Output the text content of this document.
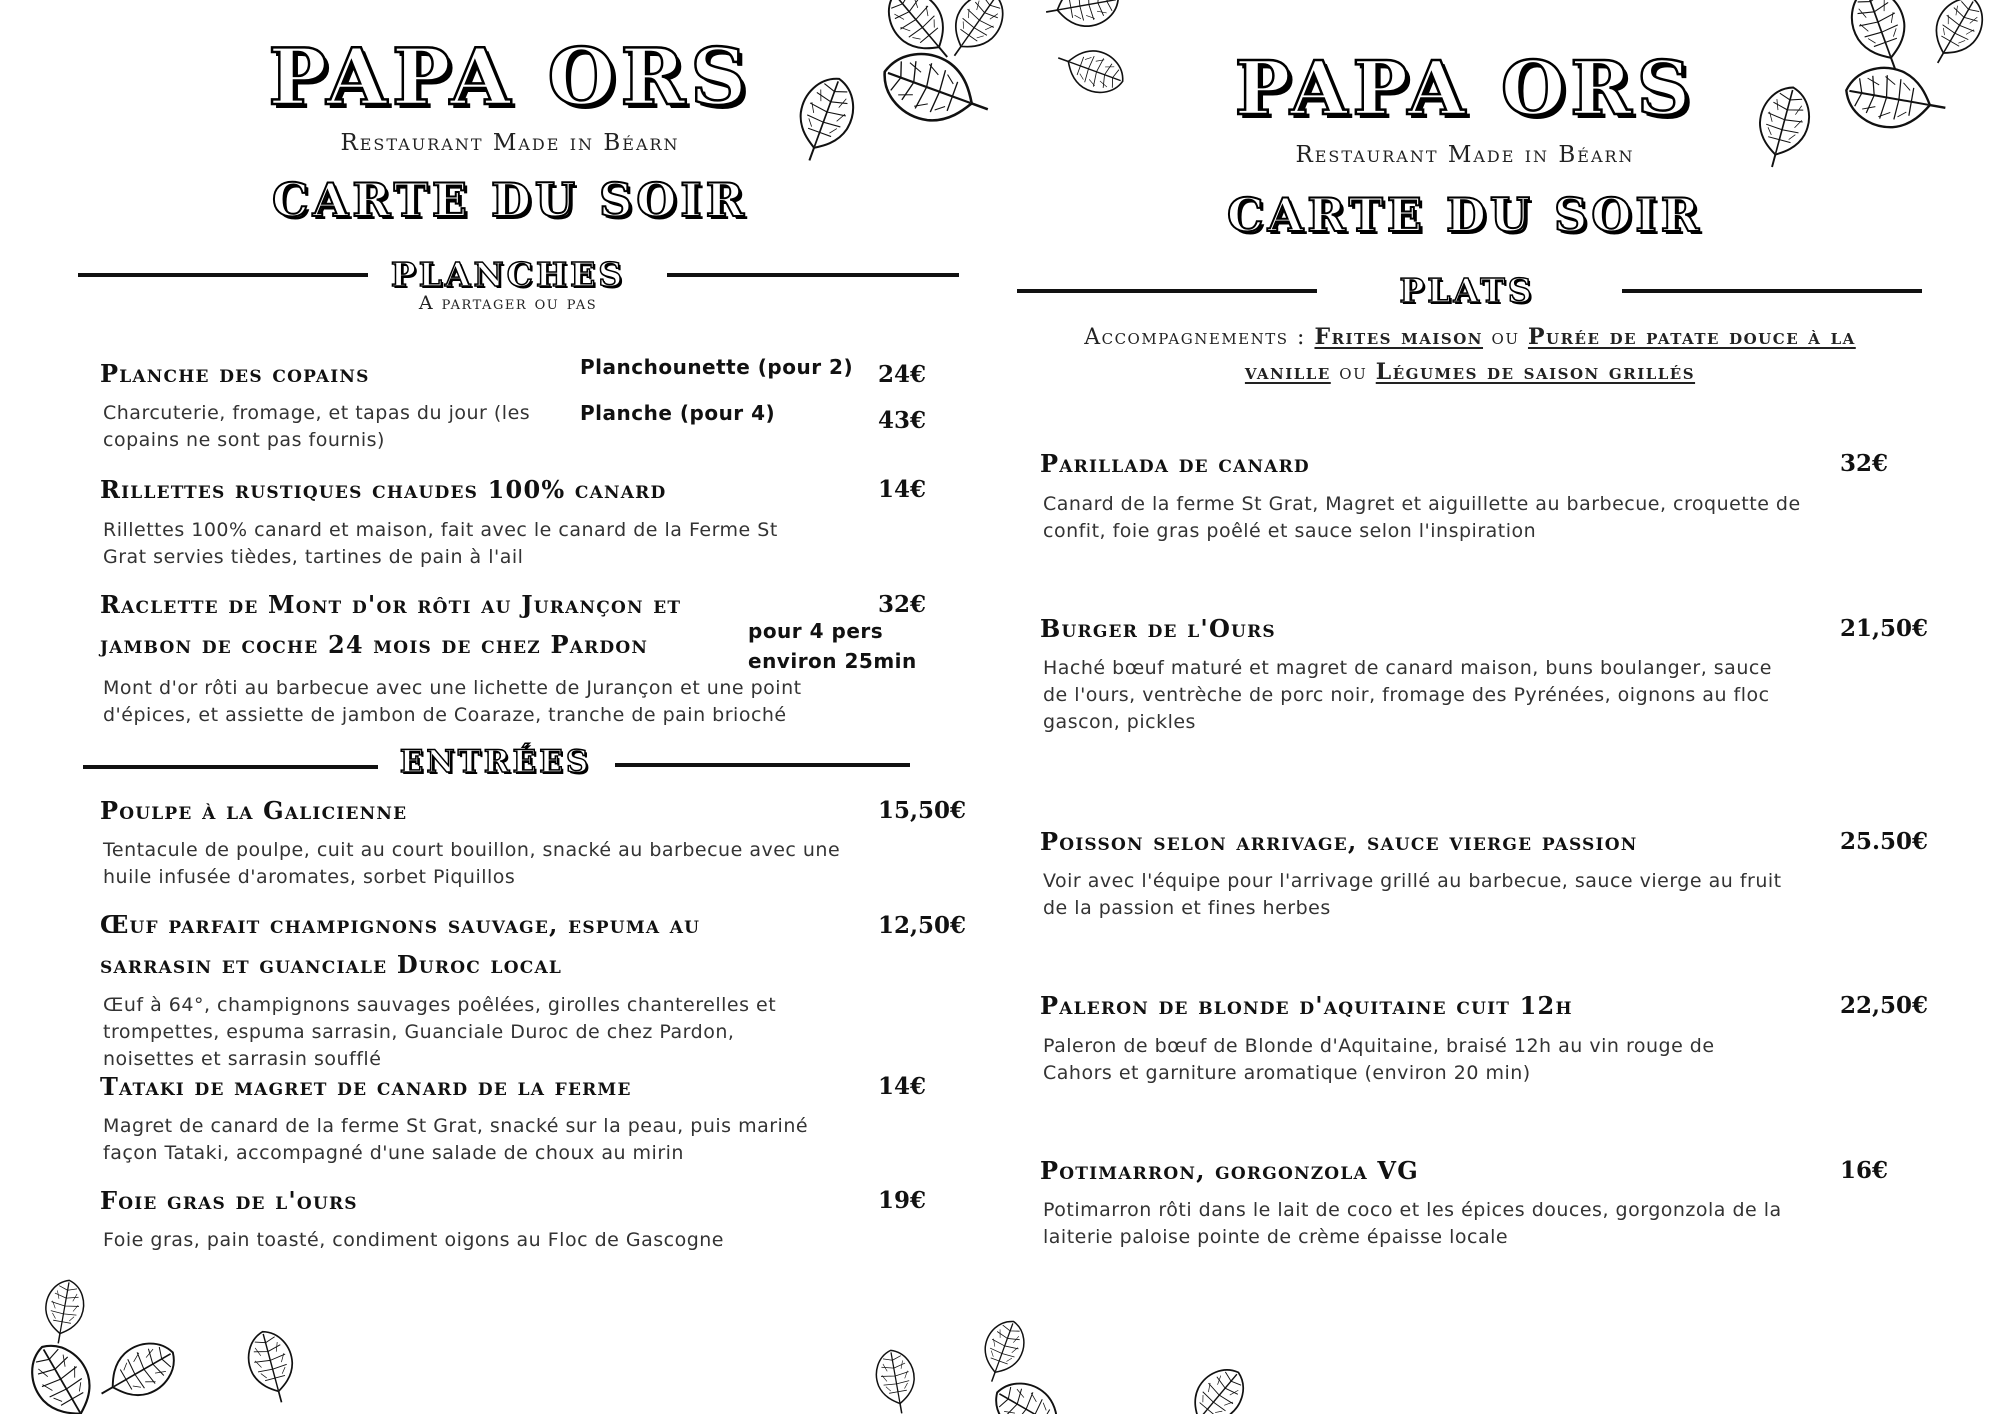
PAPA ORS
Restaurant Made in Béarn
CARTE DU SOIR
PLANCHES
A partager ou pas
Planche des copains	Planchounette (pour 2) 24€
Planche (pour 4)	43€
Charcuterie, fromage, et tapas du jour (les copains ne sont pas fournis)
Rillettes rustiques chaudes 100% canard	14€
Rillettes 100% canard et maison, fait avec le canard de la Ferme St Grat servies tièdes, tartines de pain à l'ail
Raclette de Mont d'or rôti au Jurançon et
jambon de coche 24 mois de chez Pardon
32€
pour 4 pers
environ 25min
Mont d'or rôti au barbecue avec une lichette de Jurançon et une point d'épices, et assiette de jambon de Coaraze, tranche de pain brioché
ENTRÉES
Poulpe à la Galicienne	15,50€
Tentacule de poulpe, cuit au court bouillon, snacké au barbecue avec une huile infusée d'aromates, sorbet Piquillos
Œuf parfait champignons sauvage, espuma au
sarrasin et guanciale Duroc local
12,50€
Œuf à 64°, champignons sauvages poêlées, girolles chanterelles et trompettes, espuma sarrasin, Guanciale Duroc de chez Pardon, noisettes et sarrasin soufflé
Tataki de magret de canard de la ferme	14€
Magret de canard de la ferme St Grat, snacké sur la peau, puis mariné façon Tataki, accompagné d'une salade de choux au mirin
Foie gras de l'ours	19€
Foie gras, pain toasté, condiment oigons au Floc de Gascogne
PAPA ORS
Restaurant Made in Béarn
CARTE DU SOIR
PLATS
Accompagnements : Frites maison ou Purée de patate douce à la
vanille ou Légumes de saison grillés
Parillada de canard	32€
Canard de la ferme St Grat, Magret et aiguillette au barbecue, croquette de confit, foie gras poêlé et sauce selon l'inspiration
Burger de l'Ours	21,50€
Haché bœuf maturé et magret de canard maison, buns boulanger, sauce de l'ours, ventrèche de porc noir, fromage des Pyrénées, oignons au floc gascon, pickles
Poisson selon arrivage, sauce vierge passion	25.50€
Voir avec l'équipe pour l'arrivage grillé au barbecue, sauce vierge au fruit de la passion et fines herbes
Paleron de blonde d'aquitaine cuit 12h	22,50€
Paleron de bœuf de Blonde d'Aquitaine, braisé 12h au vin rouge de Cahors et garniture aromatique (environ 20 min)
Potimarron, gorgonzola VG	16€
Potimarron rôti dans le lait de coco et les épices douces, gorgonzola de la laiterie paloise pointe de crème épaisse locale
